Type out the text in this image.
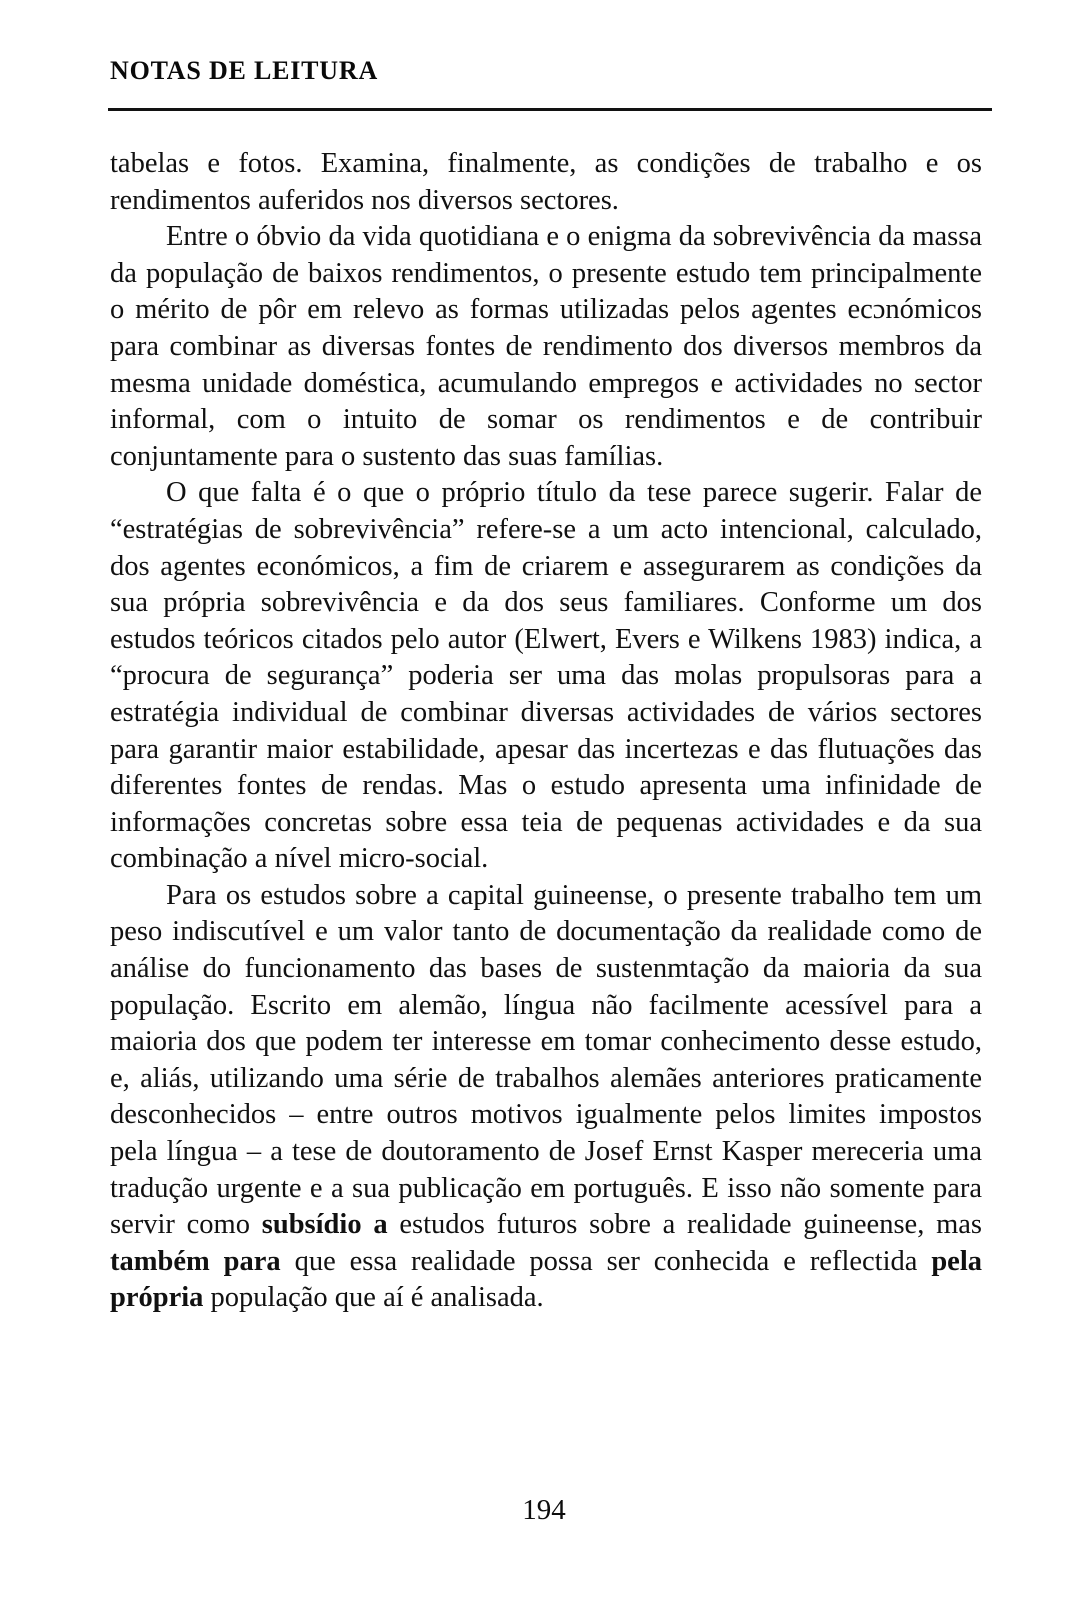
NOTAS DE LEITURA

tabelas e fotos. Examina, finalmente, as condições de trabalho e os rendimentos auferidos nos diversos sectores.

Entre o óbvio da vida quotidiana e o enigma da sobrevivência da massa da população de baixos rendimentos, o presente estudo tem principalmente o mérito de pôr em relevo as formas utilizadas pelos agentes ecɔnómicos para combinar as diversas fontes de rendimento dos diversos membros da mesma unidade doméstica, acumulando empregos e actividades no sector informal, com o intuito de somar os rendimentos e de contribuir conjuntamente para o sustento das suas famílias.

O que falta é o que o próprio título da tese parece sugerir. Falar de “estratégias de sobrevivência” refere-se a um acto intencional, calculado, dos agentes económicos, a fim de criarem e assegurarem as condições da sua própria sobrevivência e da dos seus familiares. Conforme um dos estudos teóricos citados pelo autor (Elwert, Evers e Wilkens 1983) indica, a “procura de segurança” poderia ser uma das molas propulsoras para a estratégia individual de combinar diversas actividades de vários sectores para garantir maior estabilidade, apesar das incertezas e das flutuações das diferentes fontes de rendas. Mas o estudo apresenta uma infinidade de informações concretas sobre essa teia de pequenas actividades e da sua combinação a nível micro-social.

Para os estudos sobre a capital guineense, o presente trabalho tem um peso indiscutível e um valor tanto de documentação da realidade como de análise do funcionamento das bases de sustenmtação da maioria da sua população. Escrito em alemão, língua não facilmente acessível para a maioria dos que podem ter interesse em tomar conhecimento desse estudo, e, aliás, utilizando uma série de trabalhos alemães anteriores praticamente desconhecidos – entre outros motivos igualmente pelos limites impostos pela língua – a tese de doutoramento de Josef Ernst Kasper mereceria uma tradução urgente e a sua publicação em português. E isso não somente para servir como subsídio a estudos futuros sobre a realidade guineense, mas também para que essa realidade possa ser conhecida e reflectida pela própria população que aí é analisada.

194
